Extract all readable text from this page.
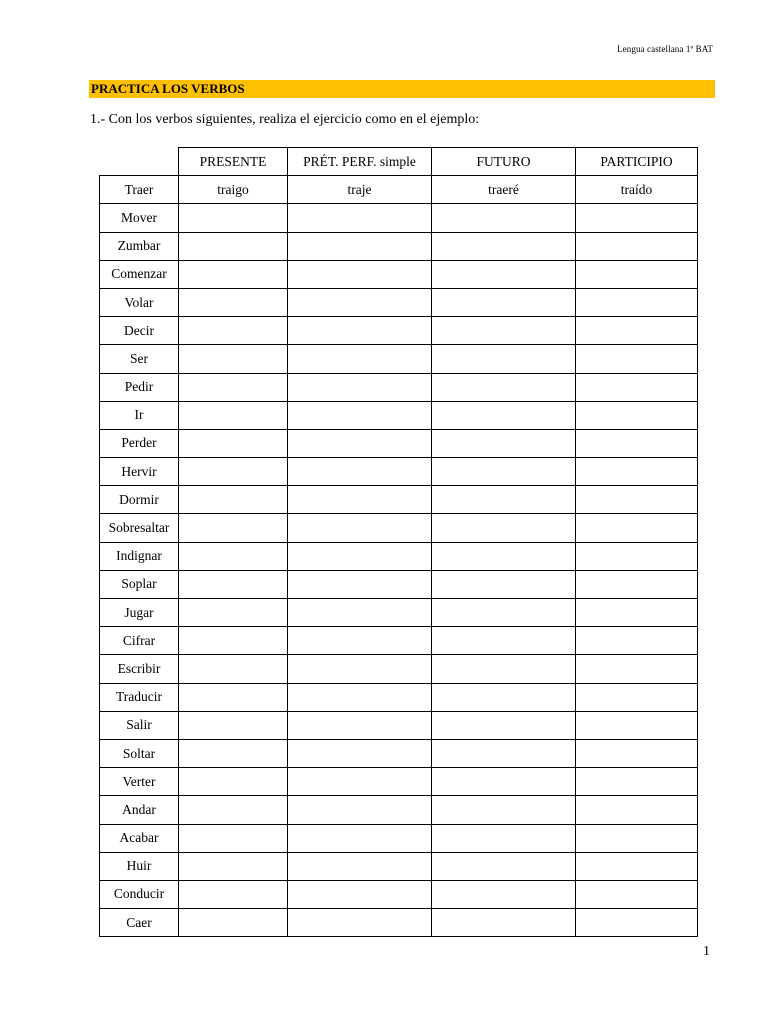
Lengua castellana 1º BAT
PRACTICA LOS VERBOS
1.- Con los verbos siguientes, realiza el ejercicio como en el ejemplo:
	PRESENTE	PRÉT. PERF. simple	FUTURO	PARTICIPIO
Traer	traigo	traje	traeré	traído
Mover				
Zumbar				
Comenzar				
Volar				
Decir				
Ser				
Pedir				
Ir				
Perder				
Hervir				
Dormir				
Sobresaltar				
Indignar				
Soplar				
Jugar				
Cifrar				
Escribir				
Traducir				
Salir				
Soltar				
Verter				
Andar				
Acabar				
Huir				
Conducir				
Caer				
1
